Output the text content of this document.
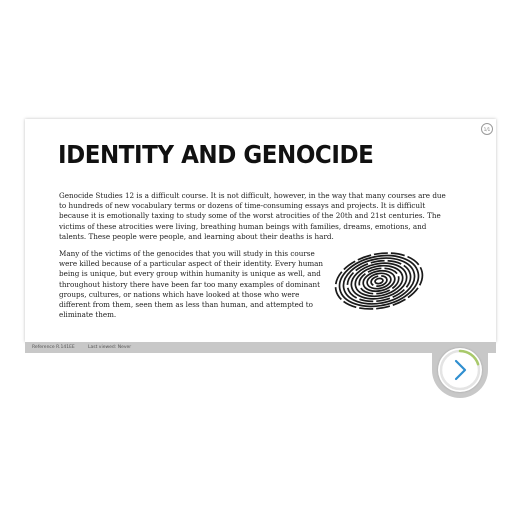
1/1
IDENTITY AND GENOCIDE

Genocide Studies 12 is a difficult course. It is not difficult, however, in the way that many courses are due to hundreds of new vocabulary terms or dozens of time-consuming essays and projects. It is difficult because it is emotionally taxing to study some of the worst atrocities of the 20th and 21st centuries. The victims of these atrocities were living, breathing human beings with families, dreams, emotions, and talents. These people were people, and learning about their deaths is hard.

Many of the victims of the genocides that you will study in this course were killed because of a particular aspect of their identity. Every human being is unique, but every group within humanity is unique as well, and throughout history there have been far too many examples of dominant groups, cultures, or nations which have looked at those who were different from them, seen them as less than human, and attempted to eliminate them.

Reference R.141EE	Last viewed: Never
